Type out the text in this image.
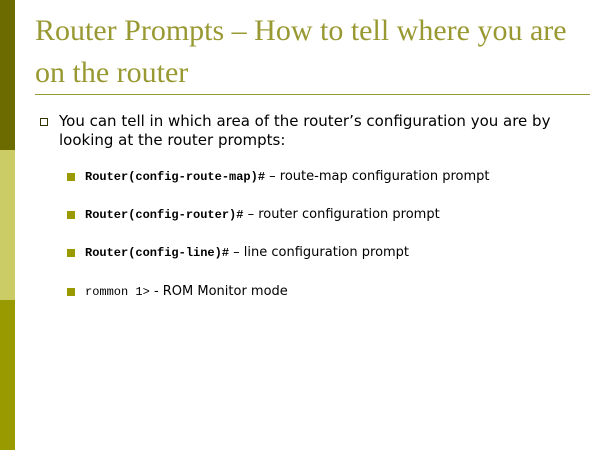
Router Prompts – How to tell where you are on the router
You can tell in which area of the router’s configuration you are by looking at the router prompts:
Router(config-route-map)# – route-map configuration prompt
Router(config-router)# – router configuration prompt
Router(config-line)# – line configuration prompt
rommon 1> - ROM Monitor mode
